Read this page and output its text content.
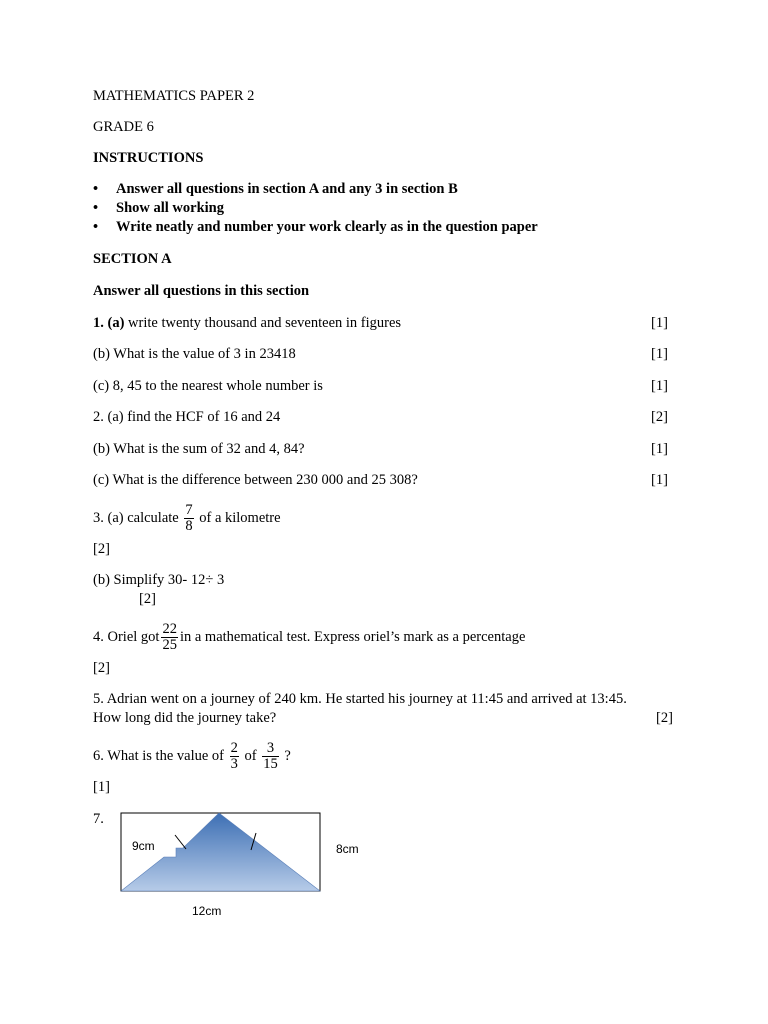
MATHEMATICS PAPER 2
GRADE 6
INSTRUCTIONS
• Answer all questions in section A and any 3 in section B
• Show all working
• Write neatly and number your work clearly as in the question paper
SECTION A
Answer all questions in this section
1. (a) write twenty thousand and seventeen in figures	[1]
(b) What is the value of 3 in 23418	[1]
(c) 8, 45 to the nearest whole number is	[1]
2. (a) find the HCF of 16 and 24	[2]
(b) What is the sum of 32 and 4, 84?	[1]
(c) What is the difference between 230 000 and 25 308?	[1]
3. (a) calculate $\frac{7}{8}$ of a kilometre
[2]
(b) Simplify 30- 12÷ 3
[2]
4. Oriel got $\frac{22}{25}$ in a mathematical test. Express oriel’s mark as a percentage
[2]
5. Adrian went on a journey of 240 km. He started his journey at 11:45 and arrived at 13:45.
How long did the journey take?	[2]
6. What is the value of $\frac{2}{3}$ of $\frac{3}{15}$ ?
[1]
7.
9cm	8cm
12cm
